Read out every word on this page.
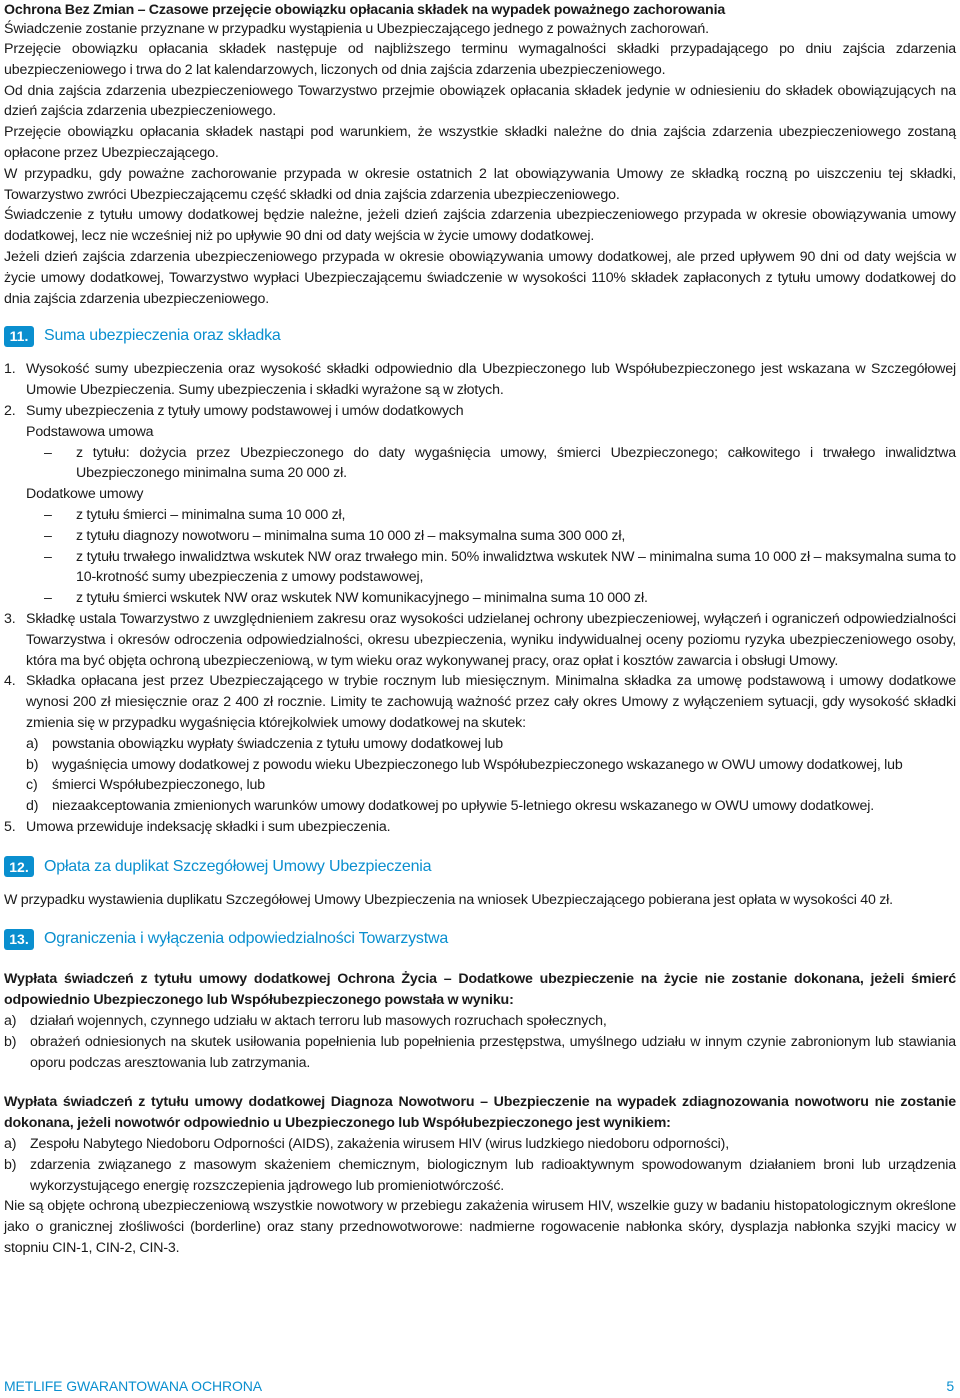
Ochrona Bez Zmian – Czasowe przejęcie obowiązku opłacania składek na wypadek poważnego zachorowania

Świadczenie zostanie przyznane w przypadku wystąpienia u Ubezpieczającego jednego z poważnych zachorowań.

Przejęcie obowiązku opłacania składek następuje od najbliższego terminu wymagalności składki przypadającego po dniu zajścia zdarzenia ubezpieczeniowego i trwa do 2 lat kalendarzowych, liczonych od dnia zajścia zdarzenia ubezpieczeniowego.

Od dnia zajścia zdarzenia ubezpieczeniowego Towarzystwo przejmie obowiązek opłacania składek jedynie w odniesieniu do składek obowiązujących na dzień zajścia zdarzenia ubezpieczeniowego.

Przejęcie obowiązku opłacania składek nastąpi pod warunkiem, że wszystkie składki należne do dnia zajścia zdarzenia ubezpieczeniowego zostaną opłacone przez Ubezpieczającego.

W przypadku, gdy poważne zachorowanie przypada w okresie ostatnich 2 lat obowiązywania Umowy ze składką roczną po uiszczeniu tej składki, Towarzystwo zwróci Ubezpieczającemu część składki od dnia zajścia zdarzenia ubezpieczeniowego.

Świadczenie z tytułu umowy dodatkowej będzie należne, jeżeli dzień zajścia zdarzenia ubezpieczeniowego przypada w okresie obowiązywania umowy dodatkowej, lecz nie wcześniej niż po upływie 90 dni od daty wejścia w życie umowy dodatkowej.

Jeżeli dzień zajścia zdarzenia ubezpieczeniowego przypada w okresie obowiązywania umowy dodatkowej, ale przed upływem 90 dni od daty wejścia w życie umowy dodatkowej, Towarzystwo wypłaci Ubezpieczającemu świadczenie w wysokości 110% składek zapłaconych z tytułu umowy dodatkowej do dnia zajścia zdarzenia ubezpieczeniowego.

11. Suma ubezpieczenia oraz składka
1. Wysokość sumy ubezpieczenia oraz wysokość składki odpowiednio dla Ubezpieczonego lub Współubezpieczonego jest wskazana w Szczegółowej Umowie Ubezpieczenia. Sumy ubezpieczenia i składki wyrażone są w złotych.

2. Sumy ubezpieczenia z tytuły umowy podstawowej i umów dodatkowych

Podstawowa umowa

–	z tytułu: dożycia przez Ubezpieczonego do daty wygaśnięcia umowy, śmierci Ubezpieczonego; całkowitego i trwałego inwalidztwa Ubezpieczonego minimalna suma 20 000 zł.

Dodatkowe umowy

–	z tytułu śmierci – minimalna suma 10 000 zł,

–	z tytułu diagnozy nowotworu – minimalna suma 10 000 zł – maksymalna suma 300 000 zł,

–	z tytułu trwałego inwalidztwa wskutek NW oraz trwałego min. 50% inwalidztwa wskutek NW – minimalna suma 10 000 zł – maksymalna suma to 10-krotność sumy ubezpieczenia z umowy podstawowej,

–	z tytułu śmierci wskutek NW oraz wskutek NW komunikacyjnego – minimalna suma 10 000 zł.

3. Składkę ustala Towarzystwo z uwzględnieniem zakresu oraz wysokości udzielanej ochrony ubezpieczeniowej, wyłączeń i ograniczeń odpowiedzialności Towarzystwa i okresów odroczenia odpowiedzialności, okresu ubezpieczenia, wyniku indywidualnej oceny poziomu ryzyka ubezpieczeniowego osoby, która ma być objęta ochroną ubezpieczeniową, w tym wieku oraz wykonywanej pracy, oraz opłat i kosztów zawarcia i obsługi Umowy.

4. Składka opłacana jest przez Ubezpieczającego w trybie rocznym lub miesięcznym. Minimalna składka za umowę podstawową i umowy dodatkowe wynosi 200 zł miesięcznie oraz 2 400 zł rocznie. Limity te zachowują ważność przez cały okres Umowy z wyłączeniem sytuacji, gdy wysokość składki zmienia się w przypadku wygaśnięcia którejkolwiek umowy dodatkowej na skutek:

a) powstania obowiązku wypłaty świadczenia z tytułu umowy dodatkowej lub

b) wygaśnięcia umowy dodatkowej z powodu wieku Ubezpieczonego lub Współubezpieczonego wskazanego w OWU umowy dodatkowej, lub

c)	śmierci Współubezpieczonego, lub

d) niezaakceptowania zmienionych warunków umowy dodatkowej po upływie 5-letniego okresu wskazanego w OWU umowy dodatkowej.

5. Umowa przewiduje indeksację składki i sum ubezpieczenia.

12. Opłata za duplikat Szczegółowej Umowy Ubezpieczenia

W przypadku wystawienia duplikatu Szczegółowej Umowy Ubezpieczenia na wniosek Ubezpieczającego pobierana jest opłata w wysokości 40 zł.

13. Ograniczenia i wyłączenia odpowiedzialności Towarzystwa

Wypłata świadczeń z tytułu umowy dodatkowej Ochrona Życia – Dodatkowe ubezpieczenie na życie nie zostanie dokonana, jeżeli śmierć odpowiednio Ubezpieczonego lub Współubezpieczonego powstała w wyniku:

a) działań wojennych, czynnego udziału w aktach terroru lub masowych rozruchach społecznych,

b) obrażeń odniesionych na skutek usiłowania popełnienia lub popełnienia przestępstwa, umyślnego udziału w innym czynie zabronionym lub stawiania oporu podczas aresztowania lub zatrzymania.

Wypłata świadczeń z tytułu umowy dodatkowej Diagnoza Nowotworu – Ubezpieczenie na wypadek zdiagnozowania nowotworu nie zostanie dokonana, jeżeli nowotwór odpowiednio u Ubezpieczonego lub Współubezpieczonego jest wynikiem:

a) Zespołu Nabytego Niedoboru Odporności (AIDS), zakażenia wirusem HIV (wirus ludzkiego niedoboru odporności),

b) zdarzenia związanego z masowym skażeniem chemicznym, biologicznym lub radioaktywnym spowodowanym działaniem broni lub urządzenia wykorzystującego energię rozszczepienia jądrowego lub promieniotwórczość.

Nie są objęte ochroną ubezpieczeniową wszystkie nowotwory w przebiegu zakażenia wirusem HIV, wszelkie guzy w badaniu histopatologicznym określone jako o granicznej złośliwości (borderline) oraz stany przednowotworowe: nadmierne rogowacenie nabłonka skóry, dysplazja nabłonka szyjki macicy w stopniu CIN-1, CIN-2, CIN-3.

METLIFE GWARANTOWANA OCHRONA	5
